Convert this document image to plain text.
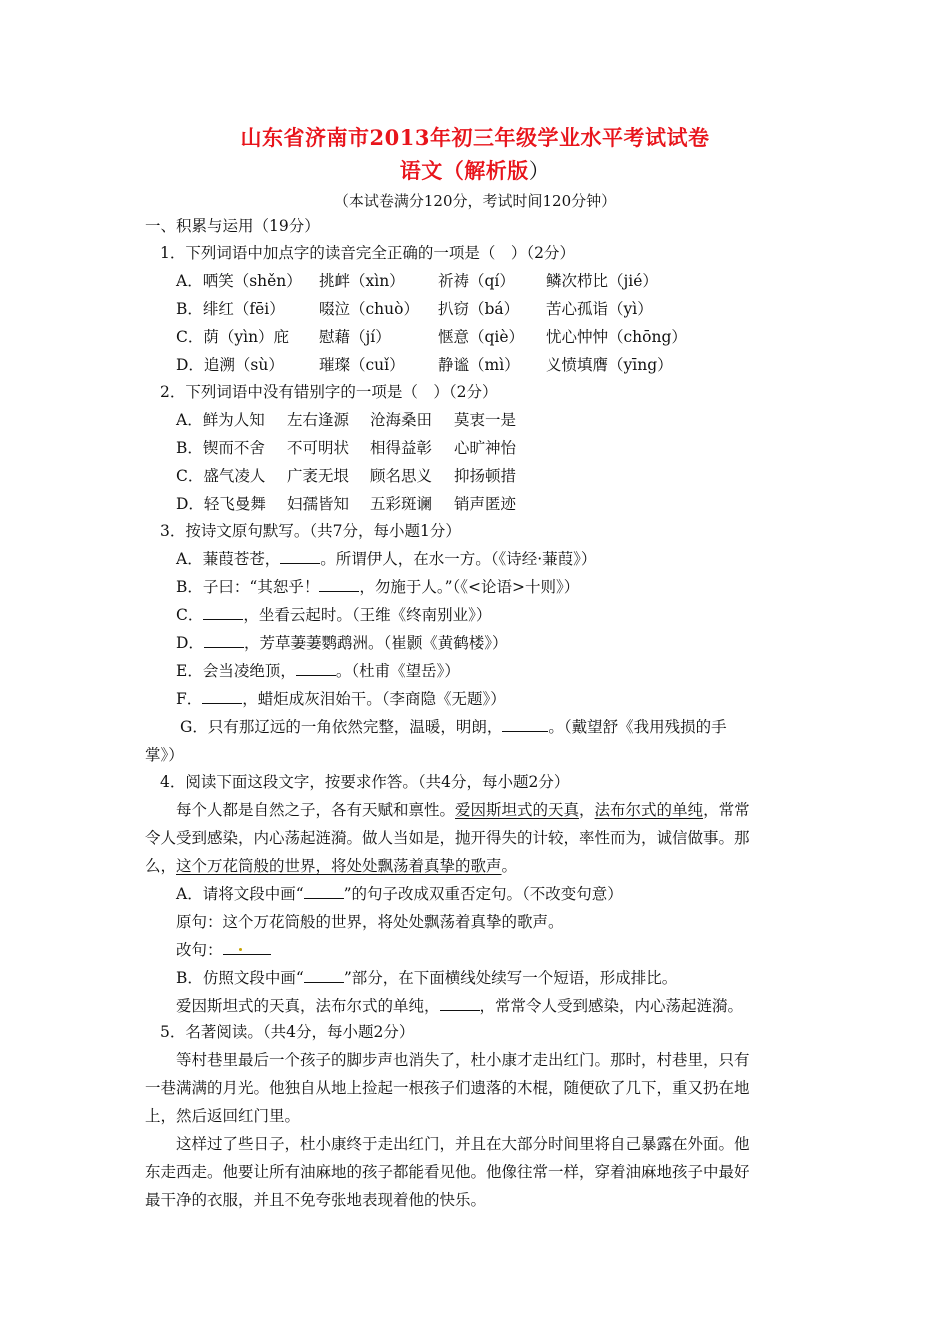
山东省济南市2013年初三年级学业水平考试试卷
语文（解析版）
（本试卷满分120分，考试时间120分钟）
一、积累与运用（19分）
1．下列词语中加点字的读音完全正确的一项是（　）（2分）
A．哂笑（shěn） 挑衅（xìn） 祈祷（qí） 鳞次栉比（jié）
B．绯红（fēi） 啜泣（chuò） 扒窃（bá） 苦心孤诣（yì）
C．荫（yìn）庇 慰藉（jí）	惬意（qiè） 忧心忡忡（chōng）
D．追溯（sù） 璀璨（cuǐ） 静谧（mì） 义愤填膺（yīng）
2．下列词语中没有错别字的一项是（　）（2分）
A．鲜为人知 左右逢源 沧海桑田 莫衷一是
B．锲而不舍 不可明状 相得益彰 心旷神怡
C．盛气凌人 广袤无垠 顾名思义 抑扬顿措
D．轻飞曼舞 妇孺皆知 五彩斑谰 销声匿迹
3．按诗文原句默写。（共7分，每小题1分）
A．蒹葭苍苍，	。所谓伊人，在水一方。（《诗经·蒹葭》）
B．子曰：“其恕乎！	，勿施于人。”（《<论语>十则》）
C．	，坐看云起时。（王维《终南别业》）
D．	，芳草萋萋鹦鹉洲。（崔颢《黄鹤楼》）
E．会当凌绝顶，	。（杜甫《望岳》）
F．	，蜡炬成灰泪始干。（李商隐《无题》）
G．只有那辽远的一角依然完整，温暖，明朗，	。（戴望舒《我用残损的手
掌》）
4．阅读下面这段文字，按要求作答。（共4分，每小题2分）
每个人都是自然之子，各有天赋和禀性。爱因斯坦式的天真，法布尔式的单纯，常常
令人受到感染，内心荡起涟漪。做人当如是，抛开得失的计较，率性而为，诚信做事。那
么，这个万花筒般的世界，将处处飘荡着真挚的歌声。
A．请将文段中画“	”的句子改成双重否定句。（不改变句意）
原句：这个万花筒般的世界，将处处飘荡着真挚的歌声。
改句：
B．仿照文段中画“	”部分，在下面横线处续写一个短语，形成排比。
爱因斯坦式的天真，法布尔式的单纯，	，常常令人受到感染，内心荡起涟漪。
5．名著阅读。（共4分，每小题2分）
等村巷里最后一个孩子的脚步声也消失了，杜小康才走出红门。那时，村巷里，只有
一巷满满的月光。他独自从地上捡起一根孩子们遗落的木棍，随便砍了几下，重又扔在地
上，然后返回红门里。
这样过了些日子，杜小康终于走出红门，并且在大部分时间里将自己暴露在外面。他
东走西走。他要让所有油麻地的孩子都能看见他。他像往常一样，穿着油麻地孩子中最好
最干净的衣服，并且不免夸张地表现着他的快乐。
